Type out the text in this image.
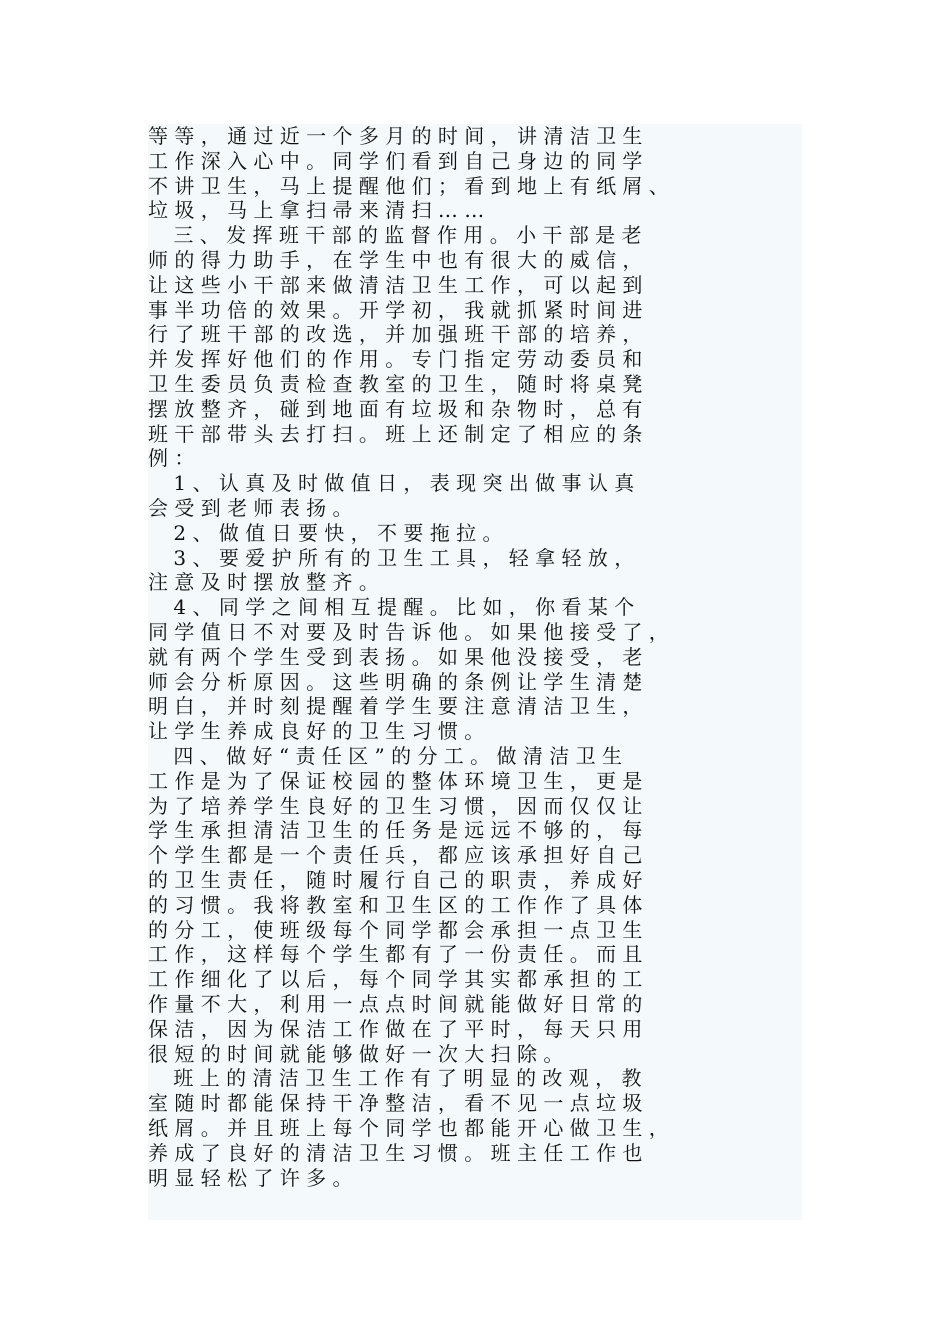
等 等 ， 通 过 近 一 个 多 月 的 时 间 ， 讲 清 洁 卫 生

工 作 深 入 心 中 。 同 学 们 看 到 自 己 身 边 的 同 学

不 讲 卫 生 ， 马 上 提 醒 他 们 ； 看 到 地 上 有 纸 屑 、

垃 圾 ， 马 上 拿 扫 帚 来 清 扫 … …

三 、 发 挥 班 干 部 的 监 督 作 用 。 小 干 部 是 老

师 的 得 力 助 手 ， 在 学 生 中 也 有 很 大 的 威 信 ，

让 这 些 小 干 部 来 做 清 洁 卫 生 工 作 ， 可 以 起 到

事 半 功 倍 的 效 果 。 开 学 初 ， 我 就 抓 紧 时 间 进

行 了 班 干 部 的 改 选 ， 并 加 强 班 干 部 的 培 养 ，

并 发 挥 好 他 们 的 作 用 。 专 门 指 定 劳 动 委 员 和

卫 生 委 员 负 责 检 查 教 室 的 卫 生 ， 随 时 将 桌 凳

摆 放 整 齐 ， 碰 到 地 面 有 垃 圾 和 杂 物 时 ， 总 有

班 干 部 带 头 去 打 扫 。 班 上 还 制 定 了 相 应 的 条

例 ：

1 、 认 真 及 时 做 值 日 ， 表 现 突 出 做 事 认 真

会 受 到 老 师 表 扬 。

2 、 做 值 日 要 快 ， 不 要 拖 拉 。

3 、 要 爱 护 所 有 的 卫 生 工 具 ， 轻 拿 轻 放 ，

注 意 及 时 摆 放 整 齐 。

4 、 同 学 之 间 相 互 提 醒 。 比 如 ， 你 看 某 个

同 学 值 日 不 对 要 及 时 告 诉 他 。 如 果 他 接 受 了 ，

就 有 两 个 学 生 受 到 表 扬 。 如 果 他 没 接 受 ， 老

师 会 分 析 原 因 。 这 些 明 确 的 条 例 让 学 生 清 楚

明 白 ， 并 时 刻 提 醒 着 学 生 要 注 意 清 洁 卫 生 ，

让 学 生 养 成 良 好 的 卫 生 习 惯 。

四 、 做 好 “ 责 任 区 ” 的 分 工 。 做 清 洁 卫 生

工 作 是 为 了 保 证 校 园 的 整 体 环 境 卫 生 ， 更 是

为 了 培 养 学 生 良 好 的 卫 生 习 惯 ， 因 而 仅 仅 让

学 生 承 担 清 洁 卫 生 的 任 务 是 远 远 不 够 的 ， 每

个 学 生 都 是 一 个 责 任 兵 ， 都 应 该 承 担 好 自 己

的 卫 生 责 任 ， 随 时 履 行 自 己 的 职 责 ， 养 成 好

的 习 惯 。 我 将 教 室 和 卫 生 区 的 工 作 作 了 具 体

的 分 工 ， 使 班 级 每 个 同 学 都 会 承 担 一 点 卫 生

工 作 ， 这 样 每 个 学 生 都 有 了 一 份 责 任 。 而 且

工 作 细 化 了 以 后 ， 每 个 同 学 其 实 都 承 担 的 工

作 量 不 大 ， 利 用 一 点 点 时 间 就 能 做 好 日 常 的

保 洁 ， 因 为 保 洁 工 作 做 在 了 平 时 ， 每 天 只 用

很 短 的 时 间 就 能 够 做 好 一 次 大 扫 除 。

班 上 的 清 洁 卫 生 工 作 有 了 明 显 的 改 观 ， 教

室 随 时 都 能 保 持 干 净 整 洁 ， 看 不 见 一 点 垃 圾

纸 屑 。 并 且 班 上 每 个 同 学 也 都 能 开 心 做 卫 生 ，

养 成 了 良 好 的 清 洁 卫 生 习 惯 。 班 主 任 工 作 也

明 显 轻 松 了 许 多 。
